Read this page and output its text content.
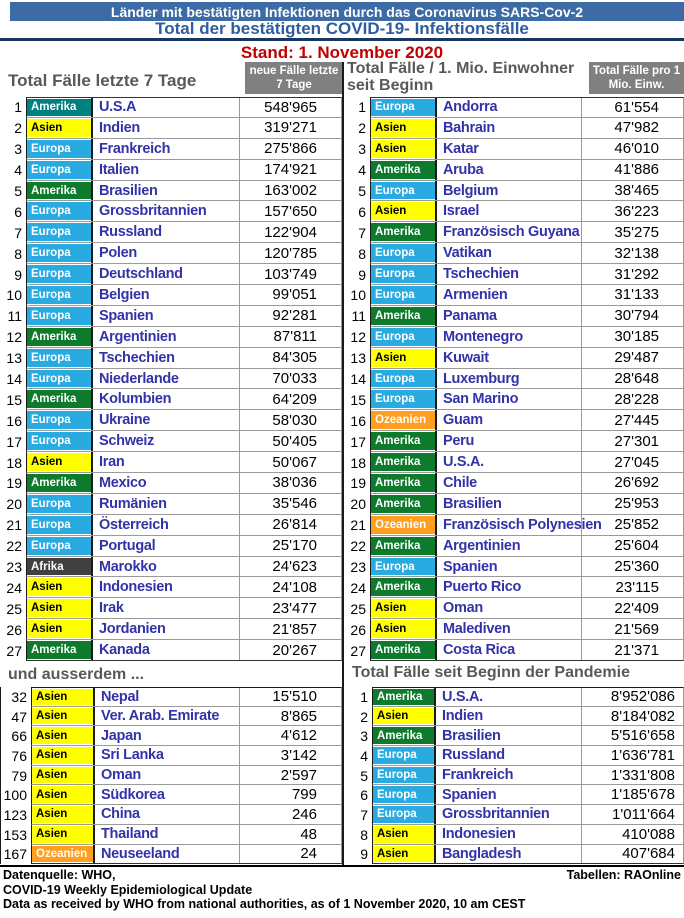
Länder mit bestätigten Infektionen durch das Coronavirus SARS-Cov-2
Total der bestätigten COVID-19- Infektionsfälle
Stand: 1. November 2020
Total Fälle letzte 7 Tage
Total Fälle / 1. Mio. Einwohner
seit Beginn
neue Fälle letzte
7 Tage
Total Fälle pro 1
Mio. Einw.
1 Amerika	U.S.A	548'965
2 Asien	Indien	319'271
3 Europa	Frankreich	275'866
4 Europa	Italien	174'921
5 Amerika	Brasilien	163'002
6 Europa	Grossbritannien	157'650
7 Europa	Russland	122'904
8 Europa	Polen	120'785
9 Europa	Deutschland	103'749
10 Europa	Belgien	99'051
11 Europa	Spanien	92'281
12 Amerika	Argentinien	87'811
13 Europa	Tschechien	84'305
14 Europa	Niederlande	70'033
15 Amerika	Kolumbien	64'209
16 Europa	Ukraine	58'030
17 Europa	Schweiz	50'405
18 Asien	Iran	50'067
19 Amerika	Mexico	38'036
20 Europa	Rumänien	35'546
21 Europa	Österreich	26'814
22 Europa	Portugal	25'170
23 Afrika	Marokko	24'623
24 Asien	Indonesien	24'108
25 Asien	Irak	23'477
26 Asien	Jordanien	21'857
27 Amerika	Kanada	20'267
1 Europa	Andorra	61'554
2 Asien	Bahrain	47'982
3 Asien	Katar	46'010
4 Amerika	Aruba	41'886
5 Europa	Belgium	38'465
6 Asien	Israel	36'223
7 Amerika	Französisch Guyana	35'275
8 Europa	Vatikan	32'138
9 Europa	Tschechien	31'292
10 Europa	Armenien	31'133
11 Amerika	Panama	30'794
12 Europa	Montenegro	30'185
13 Asien	Kuwait	29'487
14 Europa	Luxemburg	28'648
15 Europa	San Marino	28'228
16 Ozeanien	Guam	27'445
17 Amerika	Peru	27'301
18 Amerika	U.S.A.	27'045
19 Amerika	Chile	26'692
20 Amerika	Brasilien	25'953
21 Ozeanien	Französisch Polynesien 25'852
22 Amerika	Argentinien	25'604
23 Europa	Spanien	25'360
24 Amerika	Puerto Rico	23'115
25 Asien	Oman	22'409
26 Asien	Malediven	21'569
27 Amerika	Costa Rica	21'371
und ausserdem ...	Total Fälle seit Beginn der Pandemie
32 Asien	Nepal	15'510
47 Asien	Ver. Arab. Emirate	8'865
66 Asien	Japan	4'612
76 Asien	Sri Lanka	3'142
79 Asien	Oman	2'597
100 Asien	Südkorea	799
123 Asien	China	246
153 Asien	Thailand	48
167 Ozeanien Neuseeland	24
1 Amerika	U.S.A.	8'952'086
2 Asien	Indien	8'184'082
3 Amerika	Brasilien	5'516'658
4 Europa	Russland	1'636'781
5 Europa	Frankreich	1'331'808
6 Europa	Spanien	1'185'678
7 Europa	Grossbritannien	1'011'664
8 Asien	Indonesien	410'088
9 Asien	Bangladesh	407'684
Datenquelle: WHO,
COVID-19 Weekly Epidemiological Update
Data as received by WHO from national authorities, as of 1 November 2020, 10 am CEST
Tabellen: RAOnline
